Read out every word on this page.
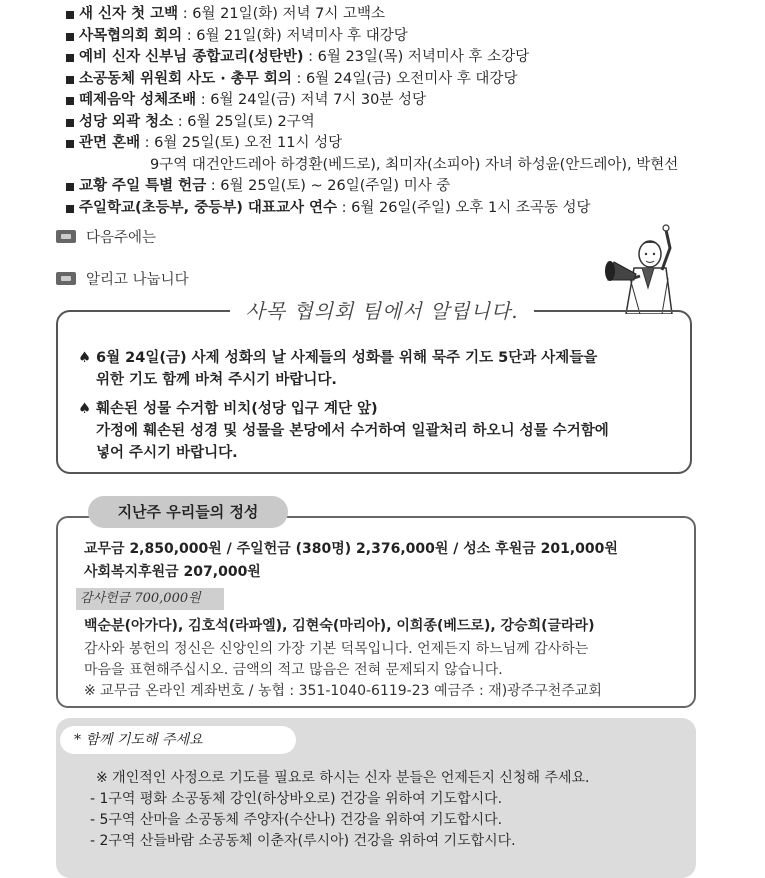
새 신자 첫 고백 : 6월 21일(화) 저녁 7시 고백소
사목협의회 회의 : 6월 21일(화) 저녁미사 후 대강당
예비 신자 신부님 종합교리(성탄반) : 6월 23일(목) 저녁미사 후 소강당
소공동체 위원회 사도 · 총무 회의 : 6월 24일(금) 오전미사 후 대강당
떼제음악 성체조배 : 6월 24일(금) 저녁 7시 30분 성당
성당 외곽 청소 : 6월 25일(토) 2구역
관면 혼배 : 6월 25일(토) 오전 11시 성당
9구역 대건안드레아 하경환(베드로), 최미자(소피아) 자녀 하성윤(안드레아), 박현선
교황 주일 특별 헌금 : 6월 25일(토) ~ 26일(주일) 미사 중
주일학교(초등부, 중등부) 대표교사 연수 : 6월 26일(주일) 오후 1시 조곡동 성당
다음주에는
알리고 나눕니다
사목 협의회 팀에서 알립니다.
♠ 6월 24일(금) 사제 성화의 날 사제들의 성화를 위해 묵주 기도 5단과 사제들을
위한 기도 함께 바쳐 주시기 바랍니다.
♠ 훼손된 성물 수거함 비치(성당 입구 계단 앞)
가정에 훼손된 성경 및 성물을 본당에서 수거하여 일괄처리 하오니 성물 수거함에
넣어 주시기 바랍니다.
지난주 우리들의 정성
교무금 2,850,000원 / 주일헌금 (380명) 2,376,000원 / 성소 후원금 201,000원
사회복지후원금 207,000원
감사헌금 700,000원
백순분(아가다), 김호석(라파엘), 김현숙(마리아), 이희종(베드로), 강승희(글라라)
감사와 봉헌의 정신은 신앙인의 가장 기본 덕목입니다. 언제든지 하느님께 감사하는
마음을 표현해주십시오. 금액의 적고 많음은 전혀 문제되지 않습니다.
※ 교무금 온라인 계좌번호 / 농협 : 351-1040-6119-23 예금주 : 재)광주구천주교회
* 함께 기도해 주세요
※ 개인적인 사정으로 기도를 필요로 하시는 신자 분들은 언제든지 신청해 주세요.
- 1구역 평화 소공동체 강인(하상바오로) 건강을 위하여 기도합시다.
- 5구역 산마을 소공동체 주양자(수산나) 건강을 위하여 기도합시다.
- 2구역 산들바람 소공동체 이춘자(루시아) 건강을 위하여 기도합시다.
